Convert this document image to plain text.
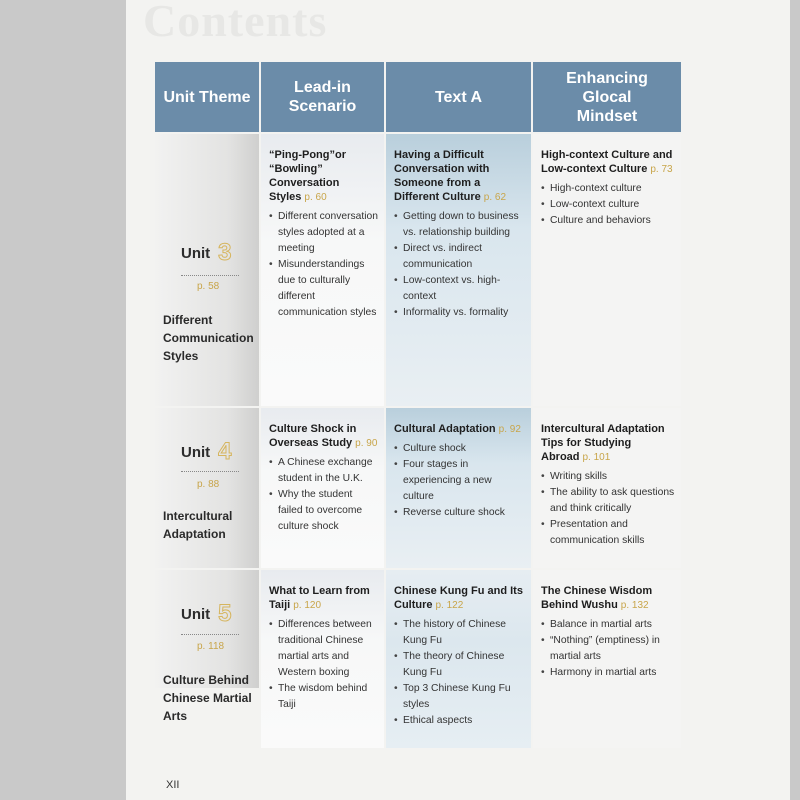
Contents
Unit Theme
Lead-in Scenario
Text A
Enhancing Glocal Mindset
Unit 3
p. 58
Different Communication Styles
“Ping-Pong”or “Bowling” Conversation Styles p. 60
• Different conversation styles adopted at a meeting
• Misunderstandings due to culturally different communication styles
Having a Difficult Conversation with Someone from a Different Culture p. 62
• Getting down to business vs. relationship building
• Direct vs. indirect communication
• Low-context vs. high-context
• Informality vs. formality
High-context Culture and Low-context Culture p. 73
• High-context culture
• Low-context culture
• Culture and behaviors
Unit 4
p. 88
Intercultural Adaptation
Culture Shock in Overseas Study p. 90
• A Chinese exchange student in the U.K.
• Why the student failed to overcome culture shock
Cultural Adaptation p. 92
• Culture shock
• Four stages in experiencing a new culture
• Reverse culture shock
Intercultural Adaptation Tips for Studying Abroad p. 101
• Writing skills
• The ability to ask questions and think critically
• Presentation and communication skills
Unit 5
p. 118
Culture Behind Chinese Martial Arts
What to Learn from Taiji p. 120
• Differences between traditional Chinese martial arts and Western boxing
• The wisdom behind Taiji
Chinese Kung Fu and Its Culture p. 122
• The history of Chinese Kung Fu
• The theory of Chinese Kung Fu
• Top 3 Chinese Kung Fu styles
• Ethical aspects
The Chinese Wisdom Behind Wushu p. 132
• Balance in martial arts
• “Nothing” (emptiness) in martial arts
• Harmony in martial arts
XII
